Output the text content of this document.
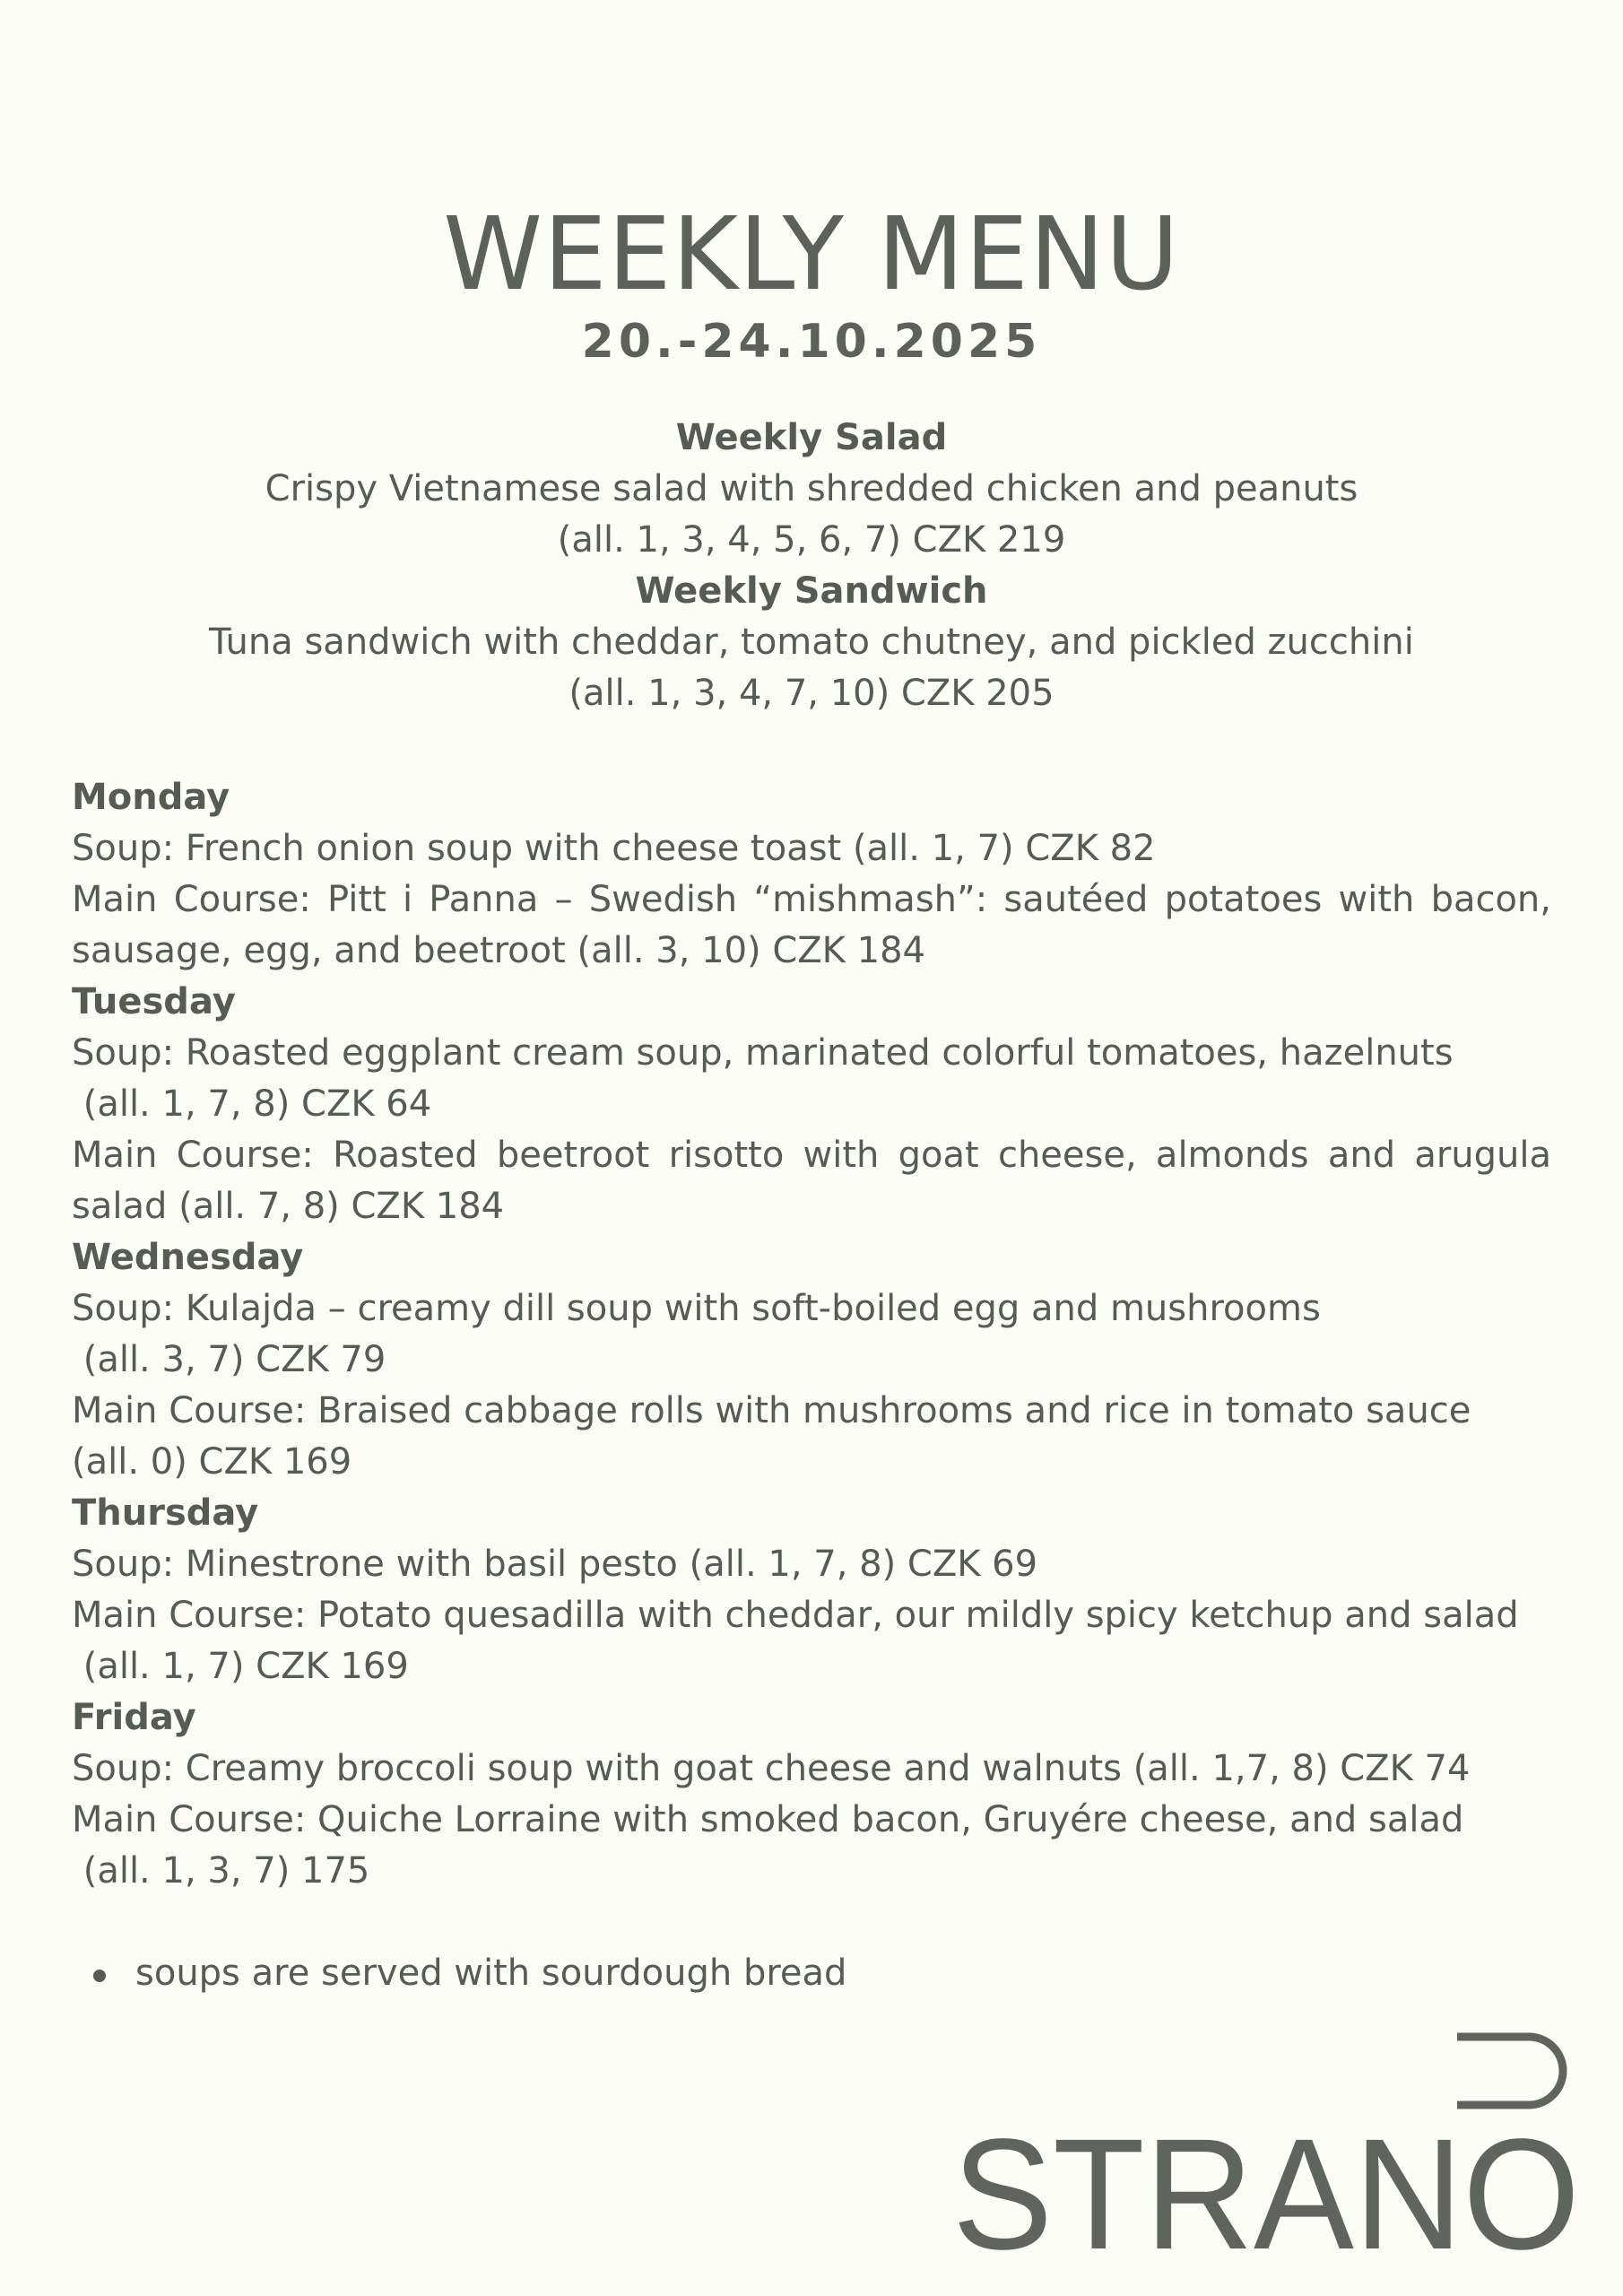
WEEKLY MENU
20.-24.10.2025
Weekly Salad
Crispy Vietnamese salad with shredded chicken and peanuts
(all. 1, 3, 4, 5, 6, 7) CZK 219
Weekly Sandwich
Tuna sandwich with cheddar, tomato chutney, and pickled zucchini
(all. 1, 3, 4, 7, 10) CZK 205
Monday
Soup: French onion soup with cheese toast (all. 1, 7) CZK 82
Main Course: Pitt i Panna – Swedish “mishmash”: sautéed potatoes with bacon, sausage, egg, and beetroot (all. 3, 10) CZK 184
Tuesday
Soup: Roasted eggplant cream soup, marinated colorful tomatoes, hazelnuts
(all. 1, 7, 8) CZK 64
Main Course: Roasted beetroot risotto with goat cheese, almonds and arugula salad (all. 7, 8) CZK 184
Wednesday
Soup: Kulajda – creamy dill soup with soft-boiled egg and mushrooms
(all. 3, 7) CZK 79
Main Course: Braised cabbage rolls with mushrooms and rice in tomato sauce
(all. 0) CZK 169
Thursday
Soup: Minestrone with basil pesto (all. 1, 7, 8) CZK 69
Main Course: Potato quesadilla with cheddar, our mildly spicy ketchup and salad
(all. 1, 7) CZK 169
Friday
Soup: Creamy broccoli soup with goat cheese and walnuts (all. 1,7, 8) CZK 74
Main Course: Quiche Lorraine with smoked bacon, Gruyére cheese, and salad
(all. 1, 3, 7) 175
soups are served with sourdough bread
STRANO
